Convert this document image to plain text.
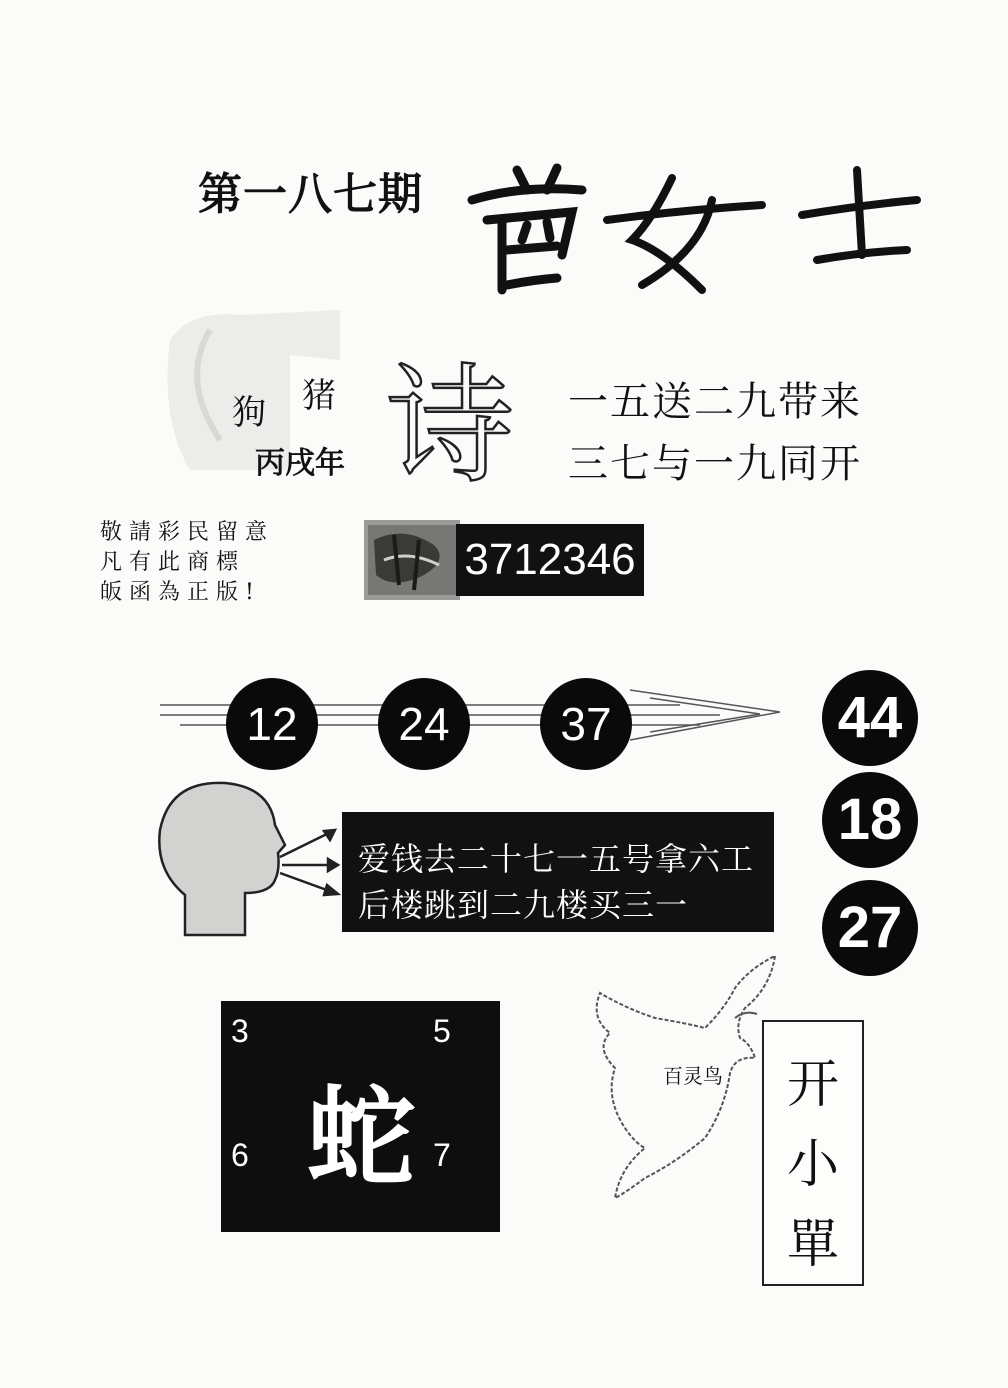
第一八七期
狗 猪
丙戌年 诗 一五送二九带来
三七与一九同开
敬請彩民留意
凡有此商標
皈函為正版!
3712346
12	24	37	44
18
27
爱钱去二十七一五号拿六工
后楼跳到二九楼买三一
3	5
6	7
蛇	百灵鸟	开
小
單
